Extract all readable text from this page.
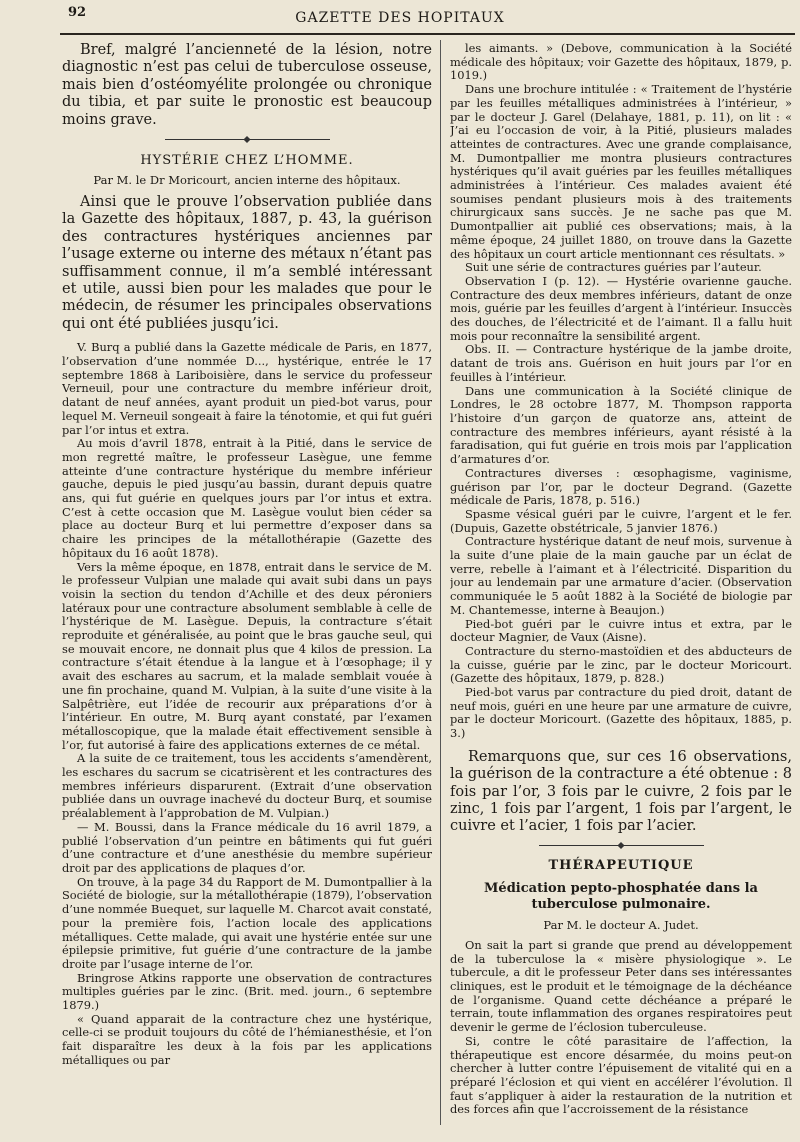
92	GAZETTE DES HOPITAUX

Bref, malgré l’ancienneté de la lésion, notre diagnostic n’est pas celui de tuberculose osseuse, mais bien d’ostéomyélite prolongée ou chronique du tibia, et par suite le pronostic est beaucoup moins grave.

HYSTÉRIE CHEZ L’HOMME.
Par M. le Dr Moricourt, ancien interne des hôpitaux.

Ainsi que le prouve l’observation publiée dans la Gazette des hôpitaux, 1887, p. 43, la guérison des contractures hystériques anciennes par l’usage externe ou interne des métaux n’étant pas suffisamment connue, il m’a semblé intéressant et utile, aussi bien pour les malades que pour le médecin, de résumer les principales observations qui ont été publiées jusqu’ici.

V. Burq a publié dans la Gazette médicale de Paris, en 1877, l’observation d’une nommée D..., hystérique, entrée le 17 septembre 1868 à Lariboisière, dans le service du professeur Verneuil, pour une contracture du membre inférieur droit, datant de neuf années, ayant produit un pied-bot varus, pour lequel M. Verneuil songeait à faire la ténotomie, et qui fut guéri par l’or intus et extra.

Au mois d’avril 1878, entrait à la Pitié, dans le service de mon regretté maître, le professeur Lasègue, une femme atteinte d’une contracture hystérique du membre inférieur gauche, depuis le pied jusqu’au bassin, durant depuis quatre ans, qui fut guérie en quelques jours par l’or intus et extra. C’est à cette occasion que M. Lasègue voulut bien céder sa place au docteur Burq et lui permettre d’exposer dans sa chaire les principes de la métallothérapie (Gazette des hôpitaux du 16 août 1878).

Vers la même époque, en 1878, entrait dans le service de M. le professeur Vulpian une malade qui avait subi dans un pays voisin la section du tendon d’Achille et des deux péroniers latéraux pour une contracture absolument semblable à celle de l’hystérique de M. Lasègue. Depuis, la contracture s’était reproduite et généralisée, au point que le bras gauche seul, qui se mouvait encore, ne donnait plus que 4 kilos de pression. La contracture s’était étendue à la langue et à l’œsophage; il y avait des eschares au sacrum, et la malade semblait vouée à une fin prochaine, quand M. Vulpian, à la suite d’une visite à la Salpêtrière, eut l’idée de recourir aux préparations d’or à l’intérieur. En outre, M. Burq ayant constaté, par l’examen métalloscopique, que la malade était effectivement sensible à l’or, fut autorisé à faire des applications externes de ce métal.

A la suite de ce traitement, tous les accidents s’amendèrent, les eschares du sacrum se cicatrisèrent et les contractures des membres inférieurs disparurent. (Extrait d’une observation publiée dans un ouvrage inachevé du docteur Burq, et soumise préalablement à l’approbation de M. Vulpian.)

— M. Boussi, dans la France médicale du 16 avril 1879, a publié l’observation d’un peintre en bâtiments qui fut guéri d’une contracture et d’une anesthésie du membre supérieur droit par des applications de plaques d’or.

On trouve, à la page 34 du Rapport de M. Dumontpallier à la Société de biologie, sur la métallothérapie (1879), l’observation d’une nommée Buequet, sur laquelle M. Charcot avait constaté, pour la première fois, l’action locale des applications métalliques. Cette malade, qui avait une hystérie entée sur une épilepsie primitive, fut guérie d’une contracture de la jambe droite par l’usage interne de l’or.

Bringrose Atkins rapporte une observation de contractures multiples guéries par le zinc. (Brit. med. journ., 6 septembre 1879.)

« Quand apparait de la contracture chez une hystérique, celle-ci se produit toujours du côté de l’hémianesthésie, et l’on fait disparaître les deux à la fois par les applications métalliques ou par

les aimants. » (Debove, communication à la Société médicale des hôpitaux; voir Gazette des hôpitaux, 1879, p. 1019.)

Dans une brochure intitulée : « Traitement de l’hystérie par les feuilles métalliques administrées à l’intérieur, » par le docteur J. Garel (Delahaye, 1881, p. 11), on lit : « J’ai eu l’occasion de voir, à la Pitié, plusieurs malades atteintes de contractures. Avec une grande complaisance, M. Dumontpallier me montra plusieurs contractures hystériques qu’il avait guéries par les feuilles métalliques administrées à l’intérieur. Ces malades avaient été soumises pendant plusieurs mois à des traitements chirurgicaux sans succès. Je ne sache pas que M. Dumontpallier ait publié ces observations; mais, à la même époque, 24 juillet 1880, on trouve dans la Gazette des hôpitaux un court article mentionnant ces résultats. »

Suit une série de contractures guéries par l’auteur.

Observation I (p. 12). — Hystérie ovarienne gauche. Contracture des deux membres inférieurs, datant de onze mois, guérie par les feuilles d’argent à l’intérieur. Insuccès des douches, de l’électricité et de l’aimant. Il a fallu huit mois pour reconnaître la sensibilité argent.

Obs. II. — Contracture hystérique de la jambe droite, datant de trois ans. Guérison en huit jours par l’or en feuilles à l’intérieur.

Dans une communication à la Société clinique de Londres, le 28 octobre 1877, M. Thompson rapporta l’histoire d’un garçon de quatorze ans, atteint de contracture des membres inférieurs, ayant résisté à la faradisation, qui fut guérie en trois mois par l’application d’armatures d’or.

Contractures diverses : œsophagisme, vaginisme, guérison par l’or, par le docteur Degrand. (Gazette médicale de Paris, 1878, p. 516.)

Spasme vésical guéri par le cuivre, l’argent et le fer. (Dupuis, Gazette obstétricale, 5 janvier 1876.)

Contracture hystérique datant de neuf mois, survenue à la suite d’une plaie de la main gauche par un éclat de verre, rebelle à l’aimant et à l’électricité. Disparition du jour au lendemain par une armature d’acier. (Observation communiquée le 5 août 1882 à la Société de biologie par M. Chantemesse, interne à Beaujon.)

Pied-bot guéri par le cuivre intus et extra, par le docteur Magnier, de Vaux (Aisne).

Contracture du sterno-mastoïdien et des abducteurs de la cuisse, guérie par le zinc, par le docteur Moricourt. (Gazette des hôpitaux, 1879, p. 828.)

Pied-bot varus par contracture du pied droit, datant de neuf mois, guéri en une heure par une armature de cuivre, par le docteur Moricourt. (Gazette des hôpitaux, 1885, p. 3.)

Remarquons que, sur ces 16 observations, la guérison de la contracture a été obtenue : 8 fois par l’or, 3 fois par le cuivre, 2 fois par le zinc, 1 fois par l’argent, 1 fois par l’argent, le cuivre et l’acier, 1 fois par l’acier.

THÉRAPEUTIQUE
Médication pepto-phosphatée dans la tuberculose pulmonaire.
Par M. le docteur A. Judet.

On sait la part si grande que prend au développement de la tuberculose la « misère physiologique ». Le tubercule, a dit le professeur Peter dans ses intéressantes cliniques, est le produit et le témoignage de la déchéance de l’organisme. Quand cette déchéance a préparé le terrain, toute inflammation des organes respiratoires peut devenir le germe de l’éclosion tuberculeuse.

Si, contre le côté parasitaire de l’affection, la thérapeutique est encore désarmée, du moins peut-on chercher à lutter contre l’épuisement de vitalité qui en a préparé l’éclosion et qui vient en accélérer l’évolution. Il faut s’appliquer à aider la restauration de la nutrition et des forces afin que l’accroissement de la résistance
